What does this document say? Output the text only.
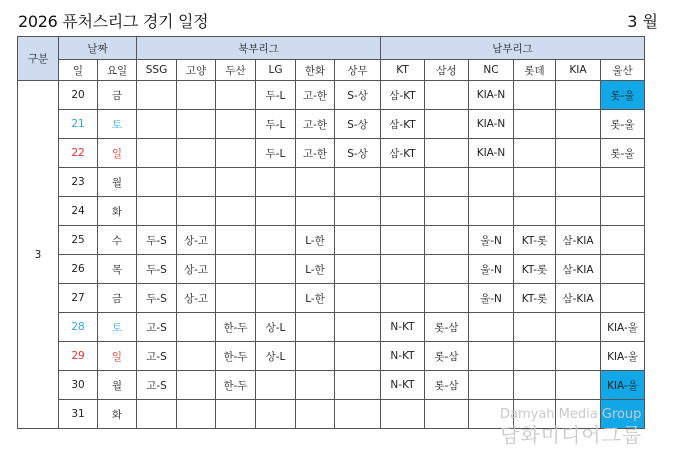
2026 퓨처스리그 경기 일정	3 월
구분	날짜		북부리그						남부리그					
	일	요일	SSG	고양	두산	LG	한화	상무	KT	삼성	NC	롯데	KIA	울산
3	20	금				두-L	고-한	S-상	삼-KT		KIA-N			롯-울
	21	토				두-L	고-한	S-상	삼-KT		KIA-N			롯-울
	22	일				두-L	고-한	S-상	삼-KT		KIA-N			롯-울
	23	월												
	24	화												
	25	수	두-S	상-고			L-한				울-N	KT-롯	삼-KIA	
	26	목	두-S	상-고			L-한				울-N	KT-롯	삼-KIA	
	27	금	두-S	상-고			L-한				울-N	KT-롯	삼-KIA	
	28	토	고-S		한-두	상-L			N-KT	롯-삼				KIA-울
	29	일	고-S		한-두	상-L			N-KT	롯-삼				KIA-울
	30	월	고-S		한-두				N-KT	롯-삼				KIA-울
	31	화													Damyah Media Group
담화미디어그룹
